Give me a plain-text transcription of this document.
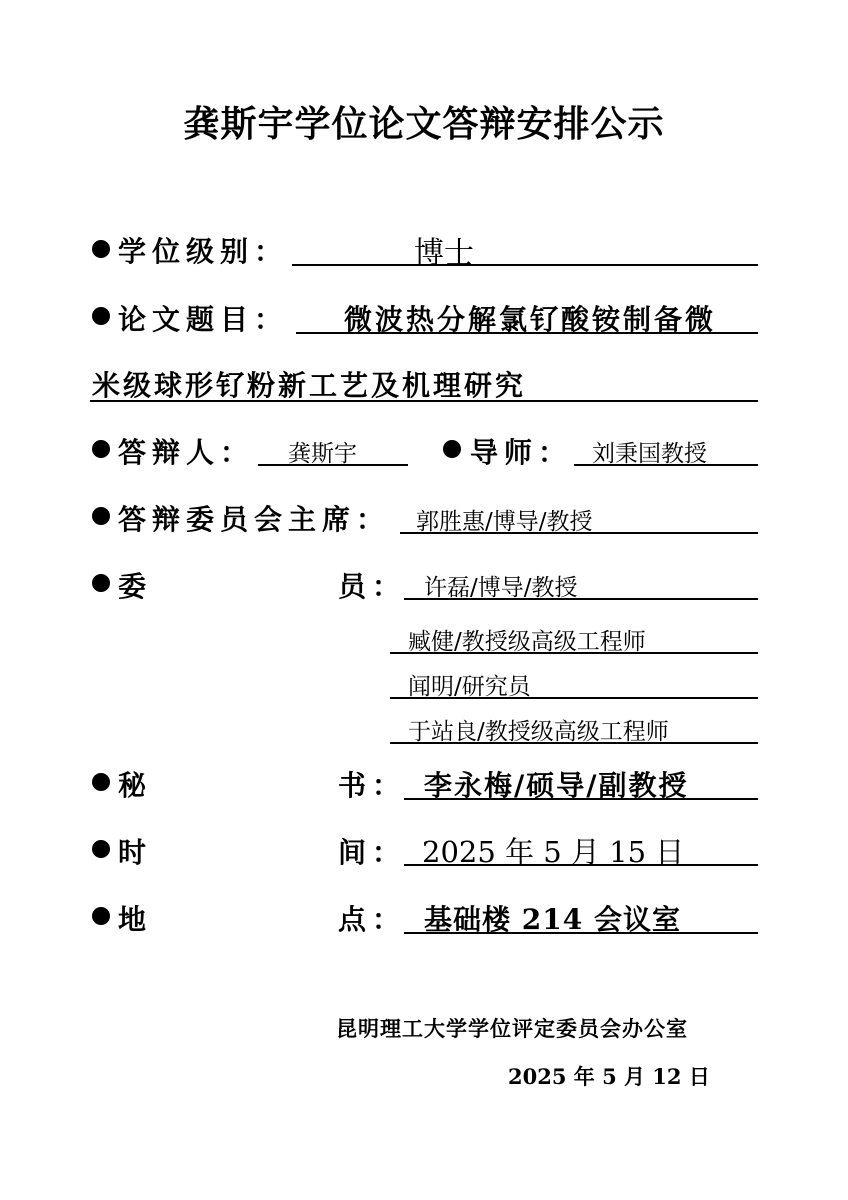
龚斯宇学位论文答辩安排公示
学位级别：	博士
论文题目： 微波热分解氯钌酸铵制备微
米级球形钌粉新工艺及机理研究
答辩人： 龚斯宇	导师： 刘秉国教授
答辩委员会主席： 郭胜惠/博导/教授
委	员： 许磊/博导/教授
臧健/教授级高级工程师
闻明/研究员
于站良/教授级高级工程师
秘	书： 李永梅/硕导/副教授
时	间： 2025 年 5 月 15 日
地	点： 基础楼 214 会议室
昆明理工大学学位评定委员会办公室
2025 年 5 月 12 日
